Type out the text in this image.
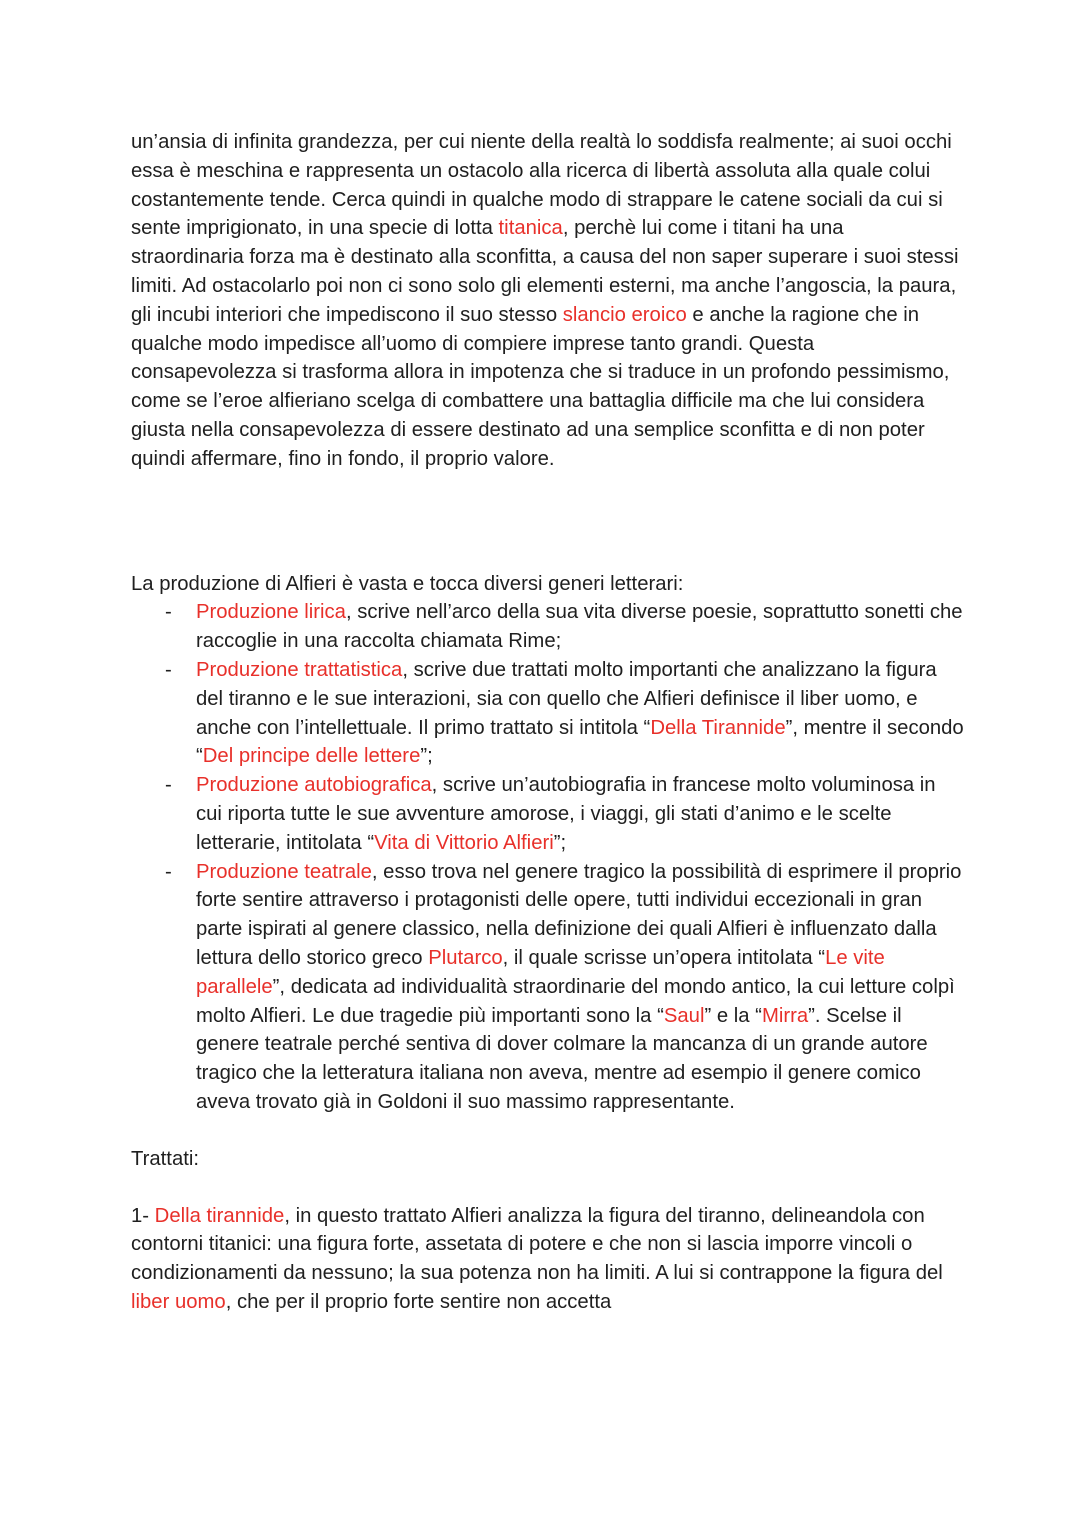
un’ansia di infinita grandezza, per cui niente della realtà lo soddisfa realmente; ai suoi occhi essa è meschina e rappresenta un ostacolo alla ricerca di libertà assoluta alla quale colui costantemente tende. Cerca quindi in qualche modo di strappare le catene sociali da cui si sente imprigionato, in una specie di lotta titanica, perchè lui come i titani ha una straordinaria forza ma è destinato alla sconfitta, a causa del non saper superare i suoi stessi limiti. Ad ostacolarlo poi non ci sono solo gli elementi esterni, ma anche l’angoscia, la paura, gli incubi interiori che impediscono il suo stesso slancio eroico e anche la ragione che in qualche modo impedisce all’uomo di compiere imprese tanto grandi. Questa consapevolezza si trasforma allora in impotenza che si traduce in un profondo pessimismo, come se l’eroe alfieriano scelga di combattere una battaglia difficile ma che lui considera giusta nella consapevolezza di essere destinato ad una semplice sconfitta e di non poter quindi affermare, fino in fondo, il proprio valore.

La produzione di Alfieri è vasta e tocca diversi generi letterari:

- Produzione lirica, scrive nell’arco della sua vita diverse poesie, soprattutto sonetti che raccoglie in una raccolta chiamata Rime;
- Produzione trattatistica, scrive due trattati molto importanti che analizzano la figura del tiranno e le sue interazioni, sia con quello che Alfieri definisce il liber uomo, e anche con l’intellettuale. Il primo trattato si intitola “Della Tirannide”, mentre il secondo “Del principe delle lettere”;
- Produzione autobiografica, scrive un’autobiografia in francese molto voluminosa in cui riporta tutte le sue avventure amorose, i viaggi, gli stati d’animo e le scelte letterarie, intitolata “Vita di Vittorio Alfieri”;
- Produzione teatrale, esso trova nel genere tragico la possibilità di esprimere il proprio forte sentire attraverso i protagonisti delle opere, tutti individui eccezionali in gran parte ispirati al genere classico, nella definizione dei quali Alfieri è influenzato dalla lettura dello storico greco Plutarco, il quale scrisse un’opera intitolata “Le vite parallele”, dedicata ad individualità straordinarie del mondo antico, la cui letture colpì molto Alfieri. Le due tragedie più importanti sono la “Saul” e la “Mirra”. Scelse il genere teatrale perché sentiva di dover colmare la mancanza di un grande autore tragico che la letteratura italiana non aveva, mentre ad esempio il genere comico aveva trovato già in Goldoni il suo massimo rappresentante.

Trattati:

1- Della tirannide, in questo trattato Alfieri analizza la figura del tiranno, delineandola con contorni titanici: una figura forte, assetata di potere e che non si lascia imporre vincoli o condizionamenti da nessuno; la sua potenza non ha limiti. A lui si contrappone la figura del liber uomo, che per il proprio forte sentire non accetta
